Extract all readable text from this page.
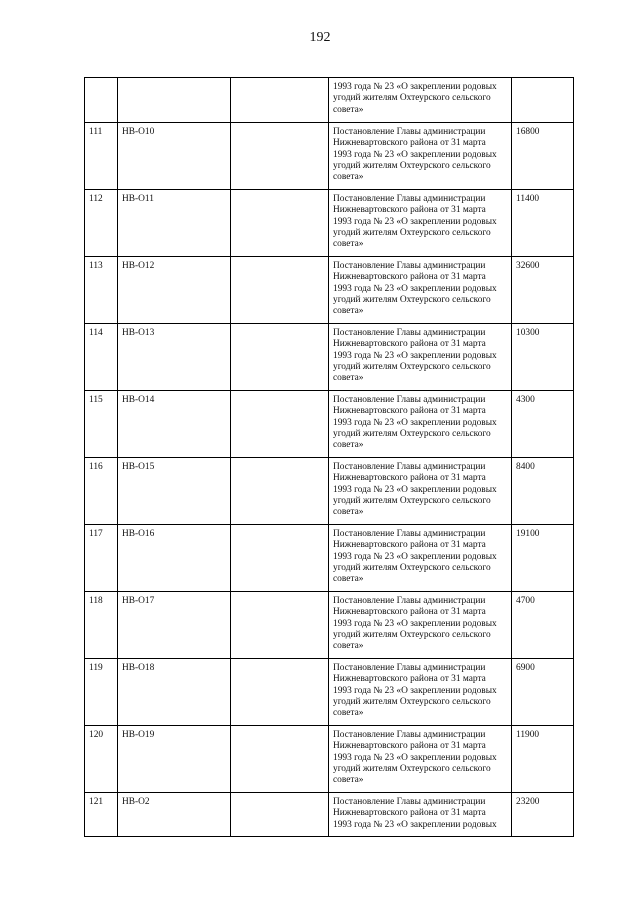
192

			1993 года № 23 «О закреплении родовых
угодий жителям Охтеурского сельского
совета»	

111	НВ-О10		Постановление Главы администрации
Нижневартовского района от 31 марта
1993 года № 23 «О закреплении родовых
угодий жителям Охтеурского сельского
совета»	16800
112	НВ-О11		Постановление Главы администрации
Нижневартовского района от 31 марта
1993 года № 23 «О закреплении родовых
угодий жителям Охтеурского сельского
совета»	11400
113	НВ-О12		Постановление Главы администрации
Нижневартовского района от 31 марта
1993 года № 23 «О закреплении родовых
угодий жителям Охтеурского сельского
совета»	32600
114	НВ-О13		Постановление Главы администрации
Нижневартовского района от 31 марта
1993 года № 23 «О закреплении родовых
угодий жителям Охтеурского сельского
совета»	10300
115	НВ-О14		Постановление Главы администрации
Нижневартовского района от 31 марта
1993 года № 23 «О закреплении родовых
угодий жителям Охтеурского сельского
совета»	4300
116	НВ-О15		Постановление Главы администрации
Нижневартовского района от 31 марта
1993 года № 23 «О закреплении родовых
угодий жителям Охтеурского сельского
совета»	8400
117	НВ-О16		Постановление Главы администрации
Нижневартовского района от 31 марта
1993 года № 23 «О закреплении родовых
угодий жителям Охтеурского сельского
совета»	19100
118	НВ-О17		Постановление Главы администрации
Нижневартовского района от 31 марта
1993 года № 23 «О закреплении родовых
угодий жителям Охтеурского сельского
совета»	4700
119	НВ-О18		Постановление Главы администрации
Нижневартовского района от 31 марта
1993 года № 23 «О закреплении родовых
угодий жителям Охтеурского сельского
совета»	6900
120	НВ-О19		Постановление Главы администрации
Нижневартовского района от 31 марта
1993 года № 23 «О закреплении родовых
угодий жителям Охтеурского сельского
совета»	11900
121	НВ-О2		Постановление Главы администрации
Нижневартовского района от 31 марта
1993 года № 23 «О закреплении родовых	23200
